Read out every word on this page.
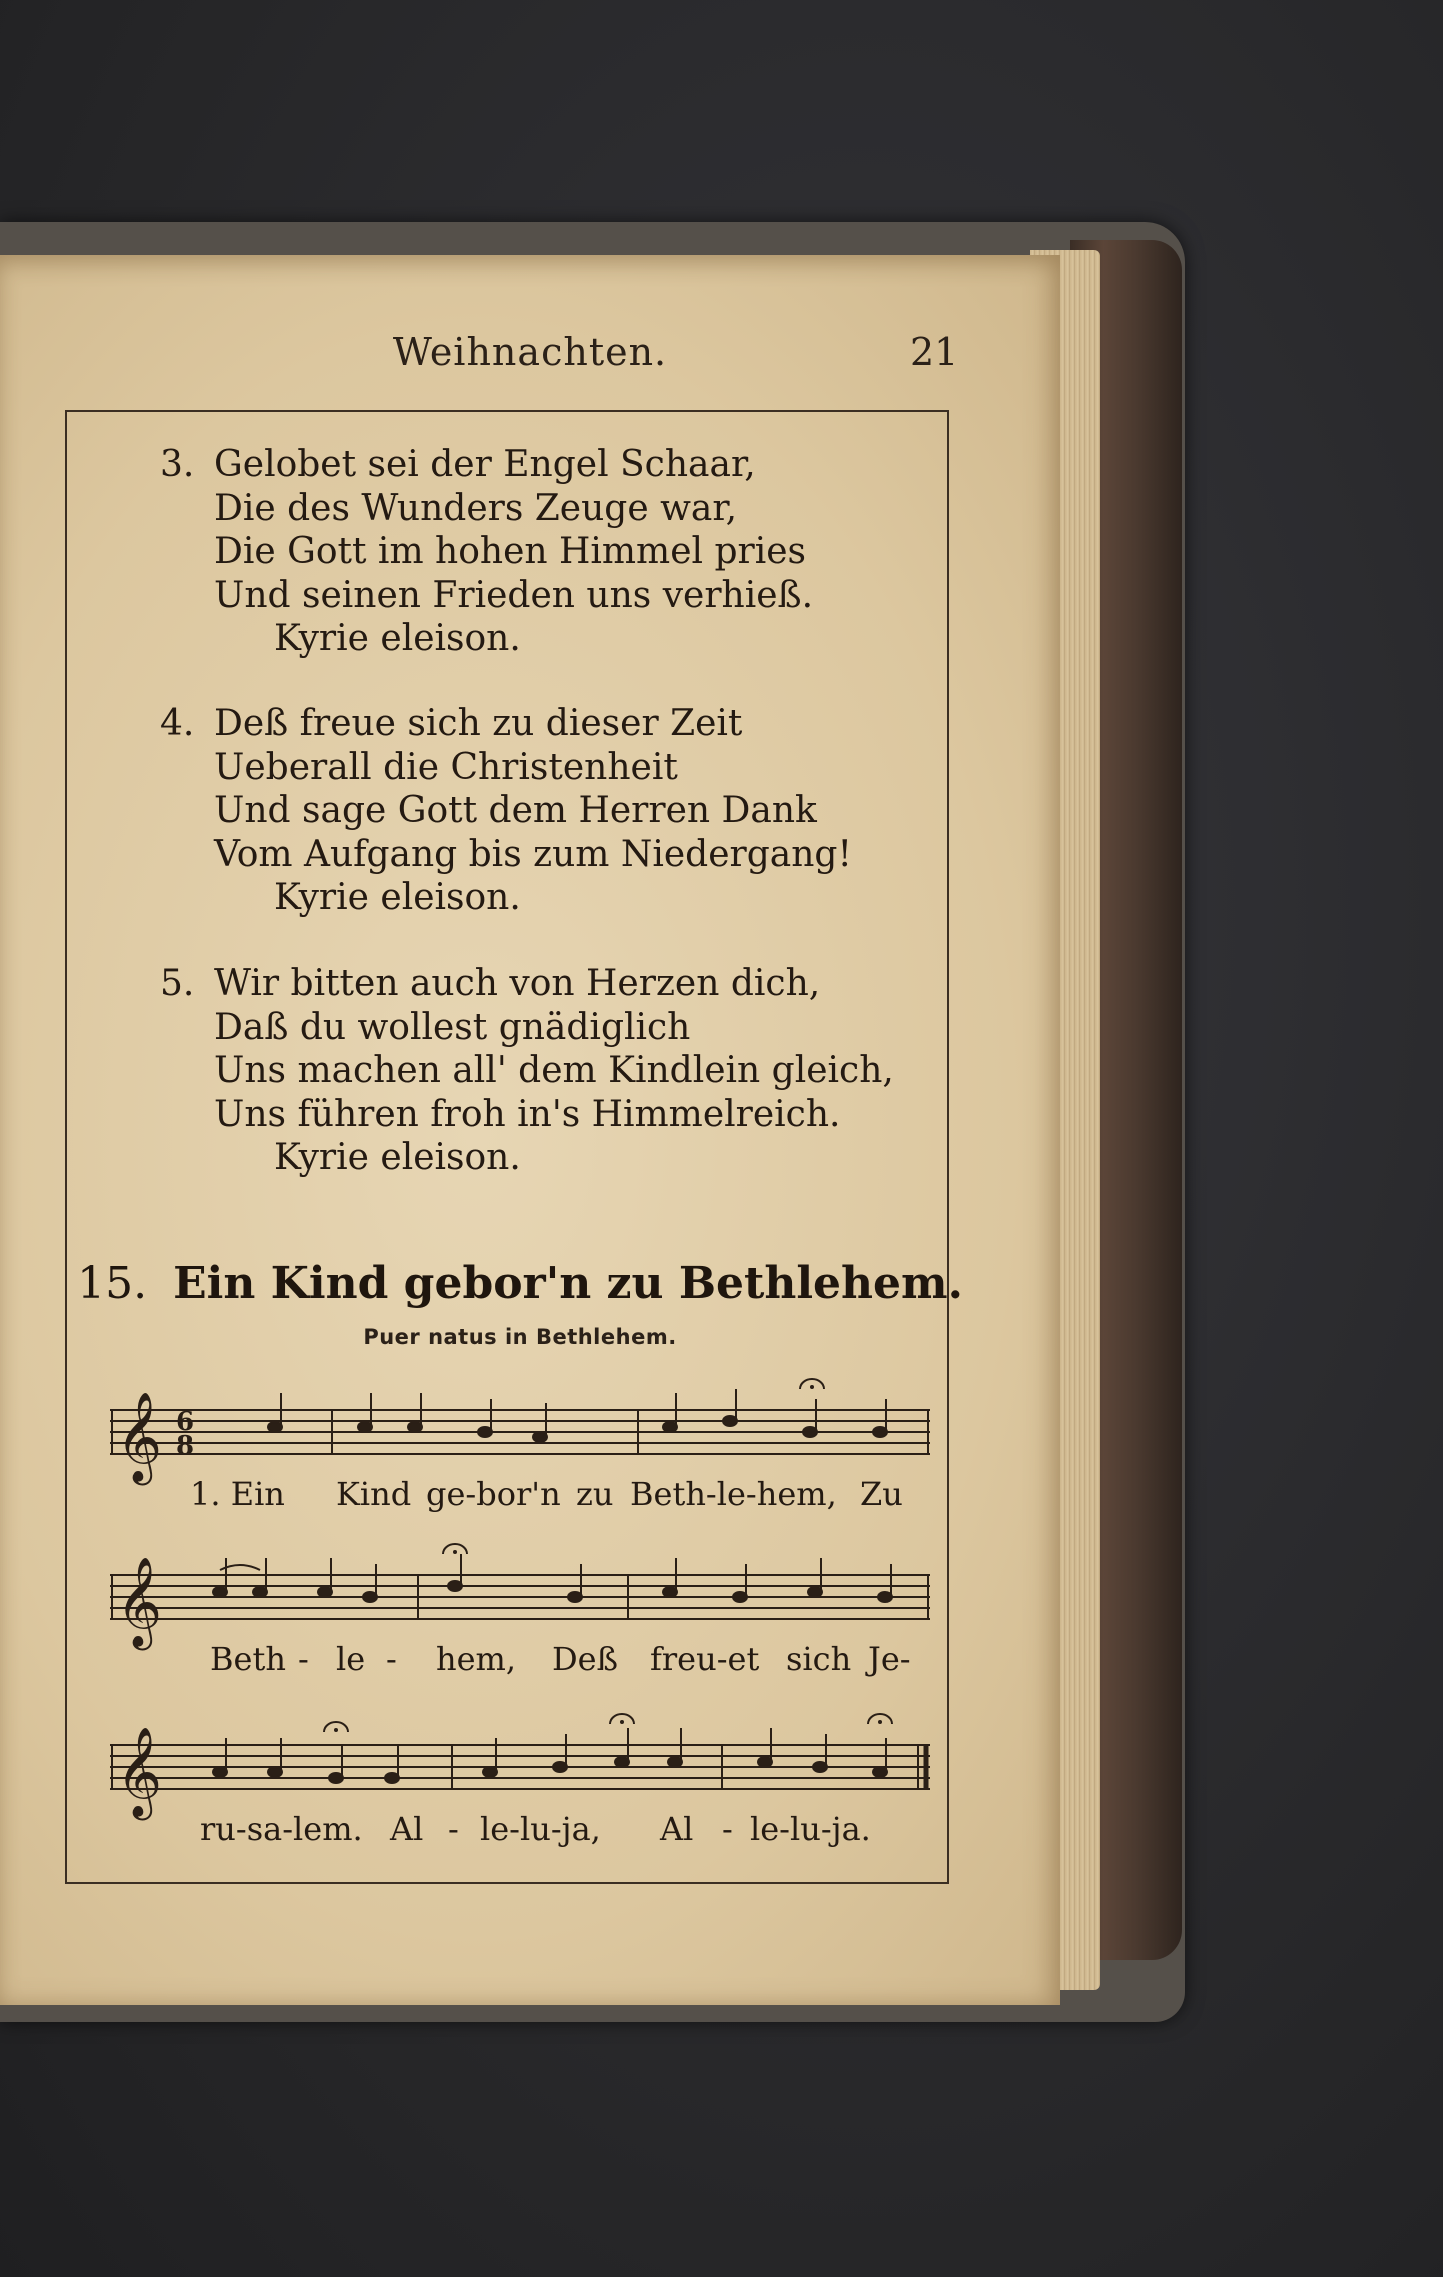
Weihnachten.	21
3. Gelobet sei der Engel Schaar,
Die des Wunders Zeuge war,
Die Gott im hohen Himmel pries
Und seinen Frieden uns verhieß.
Kyrie eleison.
4. Deß freue sich zu dieser Zeit
Ueberall die Christenheit
Und sage Gott dem Herren Dank
Vom Aufgang bis zum Niedergang!
Kyrie eleison.
5. Wir bitten auch von Herzen dich,
Daß du wollest gnädiglich
Uns machen all' dem Kindlein gleich,
Uns führen froh in's Himmelreich.
Kyrie eleison.
15. Ein Kind gebor'n zu Bethlehem.
Puer natus in Bethlehem.
𝄞 6
8
1. Ein Kind ge-bor'n zu Beth-le-hem, Zu
𝄞
Beth - le - hem, Deß freu-et sich Je-
𝄞
ru-sa-lem. Al - le-lu-ja, Al - le-lu-ja.
